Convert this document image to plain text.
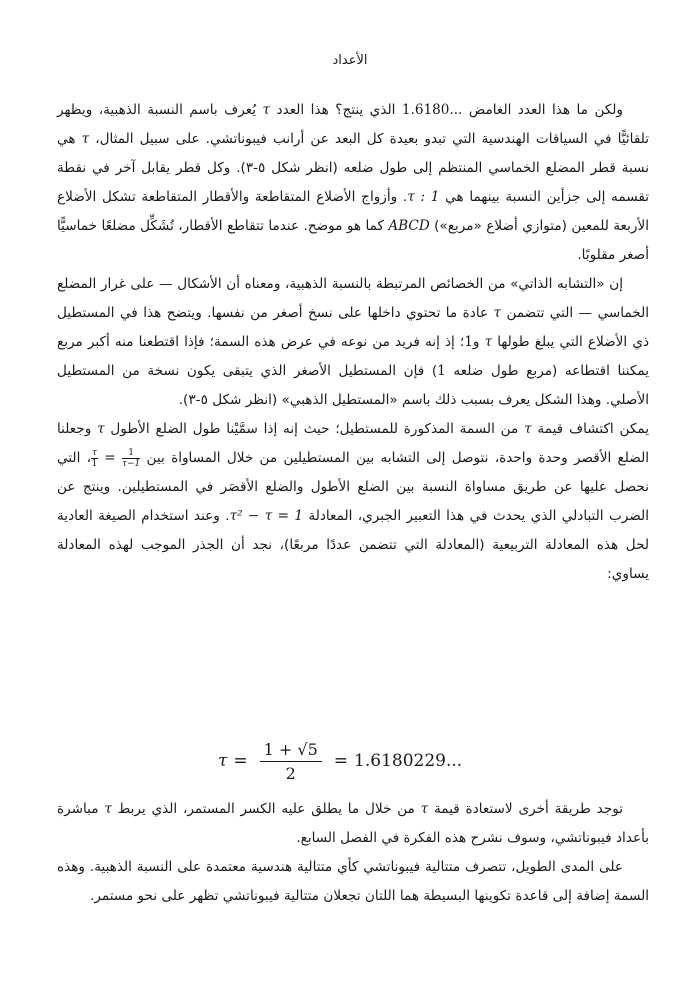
الأعداد

ولكن ما هذا العدد الغامض 1.6180... الذي ينتج؟ هذا العدد τ يُعرف باسم النسبة الذهبية، ويظهر تلقائيًّا في السياقات الهندسية التي تبدو بعيدة كل البعد عن أرانب فيبوناتشي. على سبيل المثال، τ هي نسبة قطر المضلع الخماسي المنتظم إلى طول ضلعه (انظر شكل ٥-٣). وكل قطر يقابل آخر في نقطة تقسمه إلى جزأين النسبة بينهما هي τ : 1. وأزواج الأضلاع المتقاطعة والأقطار المتقاطعة تشكل الأضلاع الأربعة للمعين (متوازي أضلاع «مربع») ABCD كما هو موضح. عندما تتقاطع الأقطار، تُشَكِّل مضلعًا خماسيًّا أصغر مقلوبًا.

إن «التشابه الذاتي» من الخصائص المرتبطة بالنسبة الذهبية، ومعناه أن الأشكال — على غرار المضلع الخماسي — التي تتضمن τ عادة ما تحتوي داخلها على نسخ أصغر من نفسها. ويتضح هذا في المستطيل ذي الأضلاع التي يبلغ طولها τ و1؛ إذ إنه فريد من نوعه في عرض هذه السمة؛ فإذا اقتطعنا منه أكبر مربع يمكننا اقتطاعه (مربع طول ضلعه 1) فإن المستطيل الأصغر الذي يتبقى يكون نسخة من المستطيل الأصلي. وهذا الشكل يعرف بسبب ذلك باسم «المستطيل الذهبي» (انظر شكل ٥-٣).

يمكن اكتشاف قيمة τ من السمة المذكورة للمستطيل؛ حيث إنه إذا سمَّيْنا طول الضلع الأطول τ وجعلنا الضلع الأقصر وحدة واحدة، نتوصل إلى التشابه بين المستطيلين من خلال المساواة بين
$\frac{\tau}{1} = \frac{1}{\tau-1}$
، التي نحصل عليها عن طريق مساواة النسبة بين الضلع الأطول والضلع الأقصَر في المستطيلين. وينتج عن الضرب التبادلي الذي يحدث في هذا التعبير الجبري، المعادلة τ² − τ = 1. وعند استخدام الصيغة العادية لحل هذه المعادلة التربيعية (المعادلة التي تتضمن عددًا مربعًا)، نجد أن الجذر الموجب لهذه المعادلة يساوي:

$\tau = \frac{1 + √5}{2} = 1.6180229$...

توجد طريقة أخرى لاستعادة قيمة τ من خلال ما يطلق عليه الكسر المستمر، الذي يربط τ مباشرة بأعداد فيبوناتشي، وسوف نشرح هذه الفكرة في الفصل السابع.

على المدى الطويل، تتصرف متتالية فيبوناتشي كأي متتالية هندسية معتمدة على النسبة الذهبية. وهذه السمة إضافة إلى قاعدة تكوينها البسيطة هما اللتان تجعلان متتالية فيبوناتشي تظهر على نحو مستمر.
